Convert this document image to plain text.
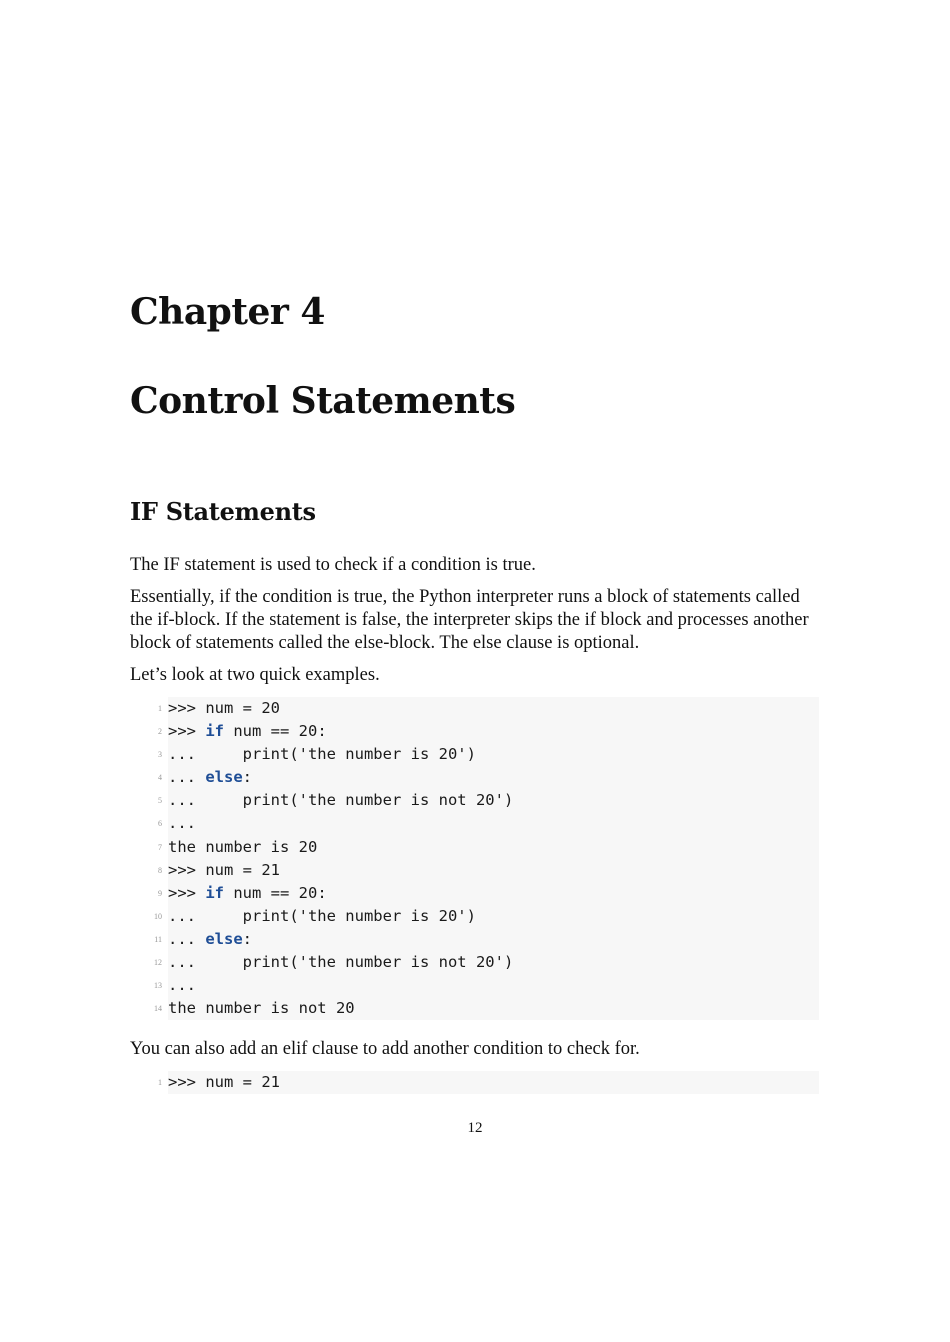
Chapter 4
Control Statements
IF Statements

The IF statement is used to check if a condition is true.

Essentially, if the condition is true, the Python interpreter runs a block of statements called the if-block. If the statement is false, the interpreter skips the if block and processes another block of statements called the else-block. The else clause is optional.

Let’s look at two quick examples.

1 >>> num = 20
2 >>> if num == 20:
3 ...     print('the number is 20')
4 ... else:
5 ...     print('the number is not 20')
6 ...
7 the number is 20
8 >>> num = 21
9 >>> if num == 20:
10 ...     print('the number is 20')
11 ... else:
12 ...     print('the number is not 20')
13 ...
14 the number is not 20

You can also add an elif clause to add another condition to check for.

1 >>> num = 21
12
